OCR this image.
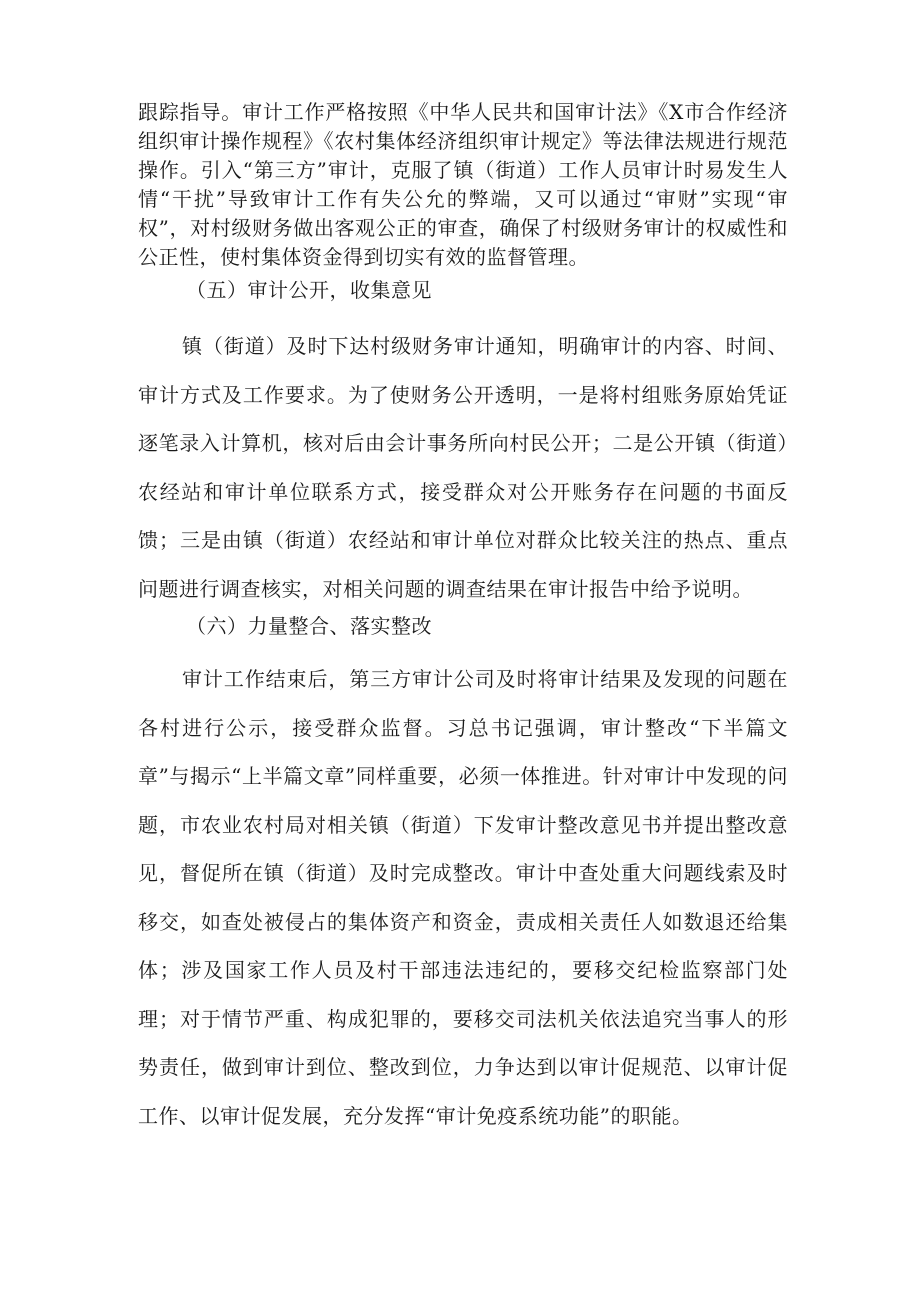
跟踪指导。审计工作严格按照《中华人民共和国审计法》《X市合作经济组织审计操作规程》《农村集体经济组织审计规定》等法律法规进行规范操作。引入“第三方”审计，克服了镇（街道）工作人员审计时易发生人情“干扰”导致审计工作有失公允的弊端，又可以通过“审财”实现“审权”，对村级财务做出客观公正的审查，确保了村级财务审计的权威性和公正性，使村集体资金得到切实有效的监督管理。

（五）审计公开，收集意见

镇（街道）及时下达村级财务审计通知，明确审计的内容、时间、审计方式及工作要求。为了使财务公开透明，一是将村组账务原始凭证逐笔录入计算机，核对后由会计事务所向村民公开；二是公开镇（街道）农经站和审计单位联系方式，接受群众对公开账务存在问题的书面反馈；三是由镇（街道）农经站和审计单位对群众比较关注的热点、重点问题进行调查核实，对相关问题的调查结果在审计报告中给予说明。

（六）力量整合、落实整改

审计工作结束后，第三方审计公司及时将审计结果及发现的问题在各村进行公示，接受群众监督。习总书记强调，审计整改“下半篇文章”与揭示“上半篇文章”同样重要，必须一体推进。针对审计中发现的问题，市农业农村局对相关镇（街道）下发审计整改意见书并提出整改意见，督促所在镇（街道）及时完成整改。审计中查处重大问题线索及时移交，如查处被侵占的集体资产和资金，责成相关责任人如数退还给集体；涉及国家工作人员及村干部违法违纪的，要移交纪检监察部门处理；对于情节严重、构成犯罪的，要移交司法机关依法追究当事人的形势责任，做到审计到位、整改到位，力争达到以审计促规范、以审计促工作、以审计促发展，充分发挥“审计免疫系统功能”的职能。
